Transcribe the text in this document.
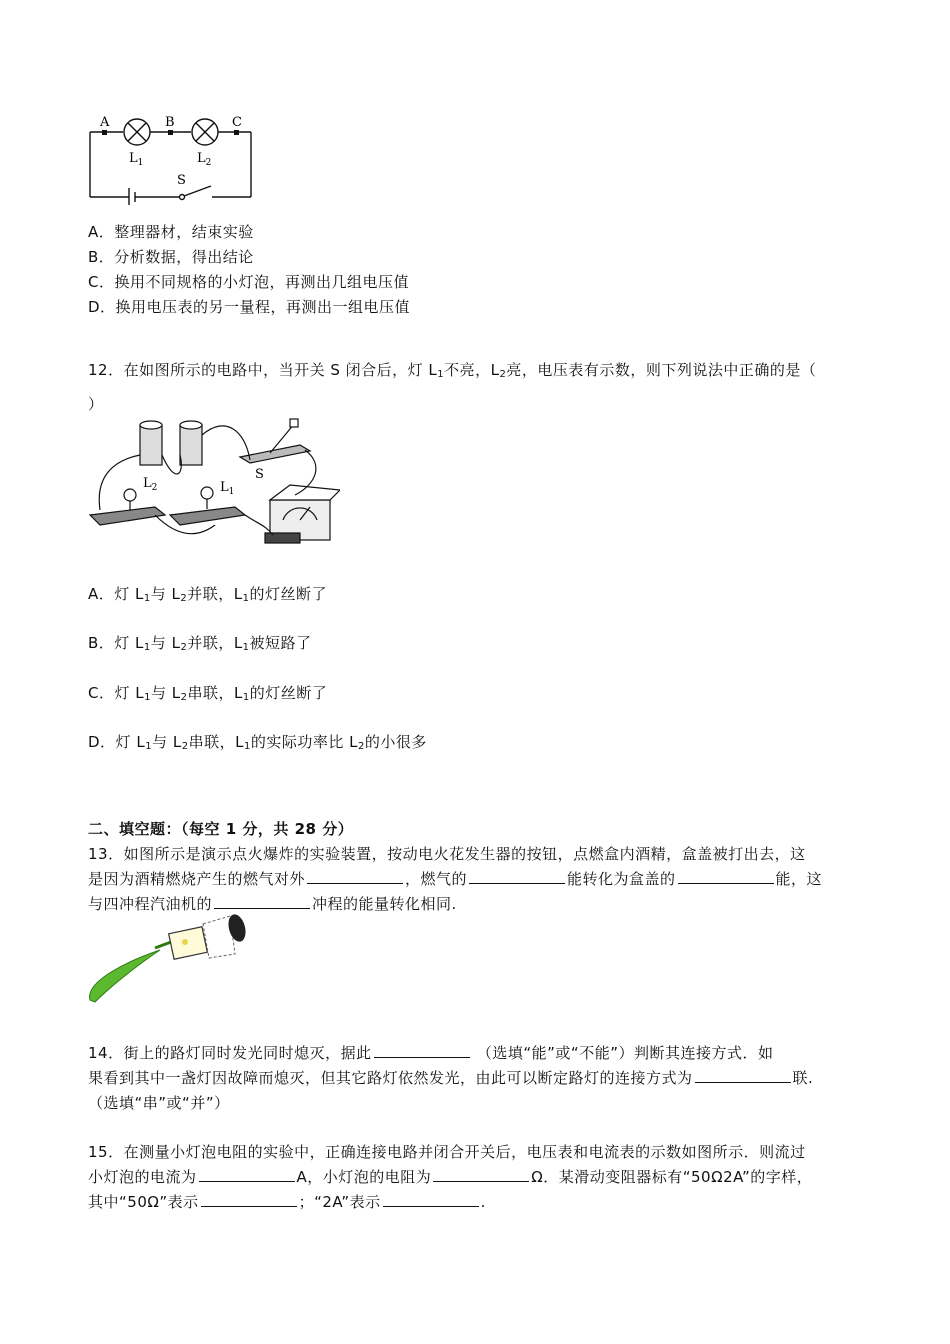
A	B	C
$L_1$	$L_2$
S
A．整理器材，结束实验
B．分析数据，得出结论
C．换用不同规格的小灯泡，再测出几组电压值
D．换用电压表的另一量程，再测出一组电压值
12．在如图所示的电路中，当开关 S 闭合后，灯 $L_1$不亮，$L_2$亮，电压表有示数，则下列说法中正确的是（
）
$L_2$	$L_1$
S
A．灯 $L_1$与 $L_2$并联，$L_1$的灯丝断了
B．灯 $L_1$与 $L_2$并联，$L_1$被短路了
C．灯 $L_1$与 $L_2$串联，$L_1$的灯丝断了
D．灯 $L_1$与 $L_2$串联，$L_1$的实际功率比 $L_2$的小很多
二、填空题：（每空 1 分，共 28 分）
13．如图所示是演示点火爆炸的实验装置，按动电火花发生器的按钮，点燃盒内酒精，盒盖被打出去，这
是因为酒精燃烧产生的燃气对外	，燃气的	能转化为盒盖的	能，这
与四冲程汽油机的	冲程的能量转化相同.
14．街上的路灯同时发光同时熄灭，据此	（选填“能”或“不能”）判断其连接方式．如
果看到其中一盏灯因故障而熄灭，但其它路灯依然发光，由此可以断定路灯的连接方式为	联.
（选填“串”或“并”）
15．在测量小灯泡电阻的实验中，正确连接电路并闭合开关后，电压表和电流表的示数如图所示．则流过
小灯泡的电流为	A，小灯泡的电阻为	Ω．某滑动变阻器标有“50Ω2A”的字样，
其中“50Ω”表示	；“2A”表示	.
